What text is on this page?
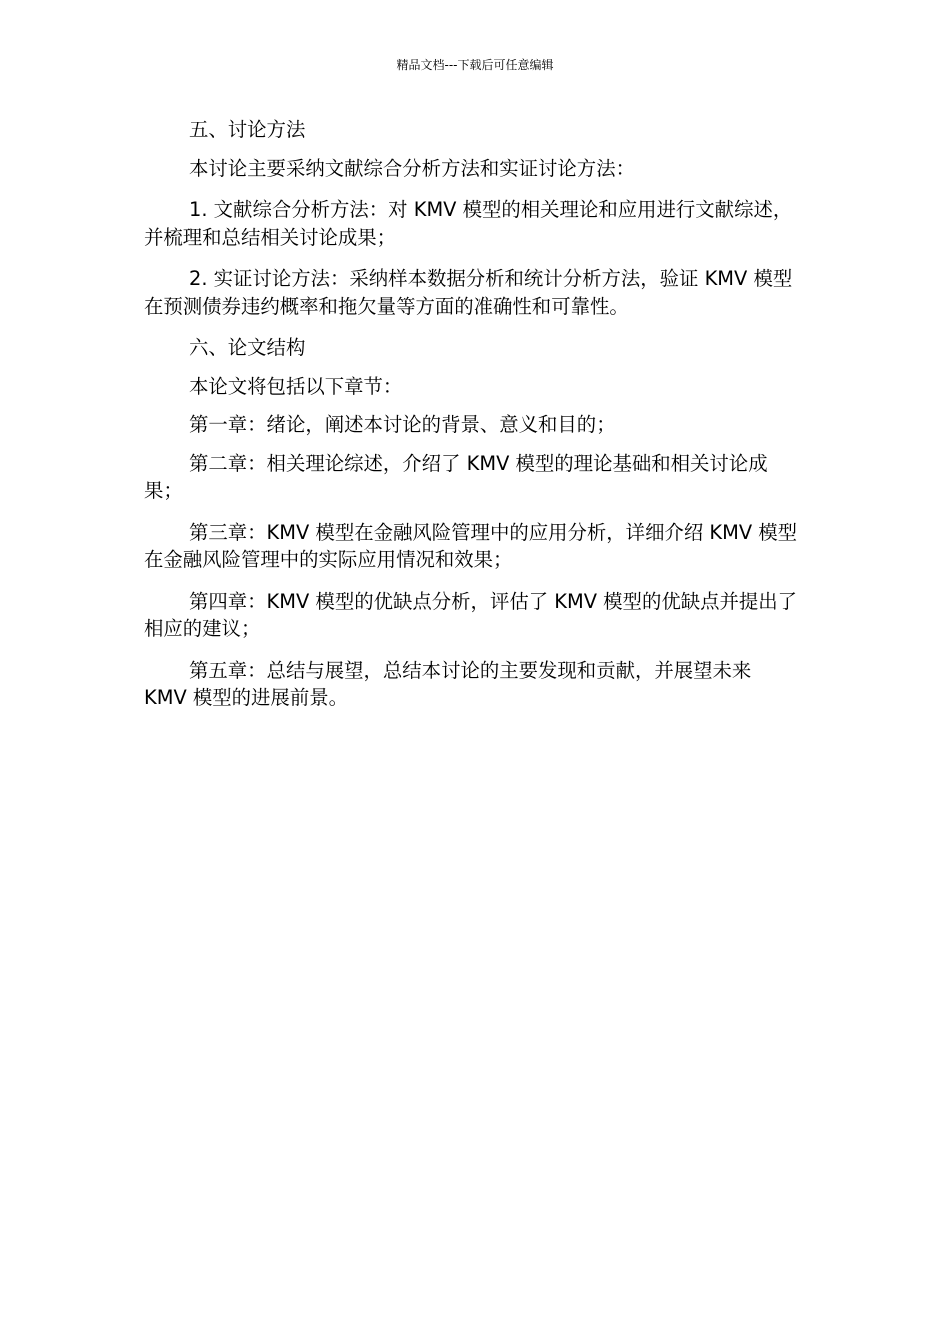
精品文档---下载后可任意编辑

五、讨论方法

本讨论主要采纳文献综合分析方法和实证讨论方法：

1. 文献综合分析方法：对 KMV 模型的相关理论和应用进行文献综述，并梳理和总结相关讨论成果；

2. 实证讨论方法：采纳样本数据分析和统计分析方法，验证 KMV 模型在预测债券违约概率和拖欠量等方面的准确性和可靠性。

六、论文结构

本论文将包括以下章节：

第一章：绪论，阐述本讨论的背景、意义和目的；

第二章：相关理论综述，介绍了 KMV 模型的理论基础和相关讨论成果；

第三章：KMV 模型在金融风险管理中的应用分析，详细介绍 KMV 模型在金融风险管理中的实际应用情况和效果；

第四章：KMV 模型的优缺点分析，评估了 KMV 模型的优缺点并提出了相应的建议；

第五章：总结与展望，总结本讨论的主要发现和贡献，并展望未来 KMV 模型的进展前景。
